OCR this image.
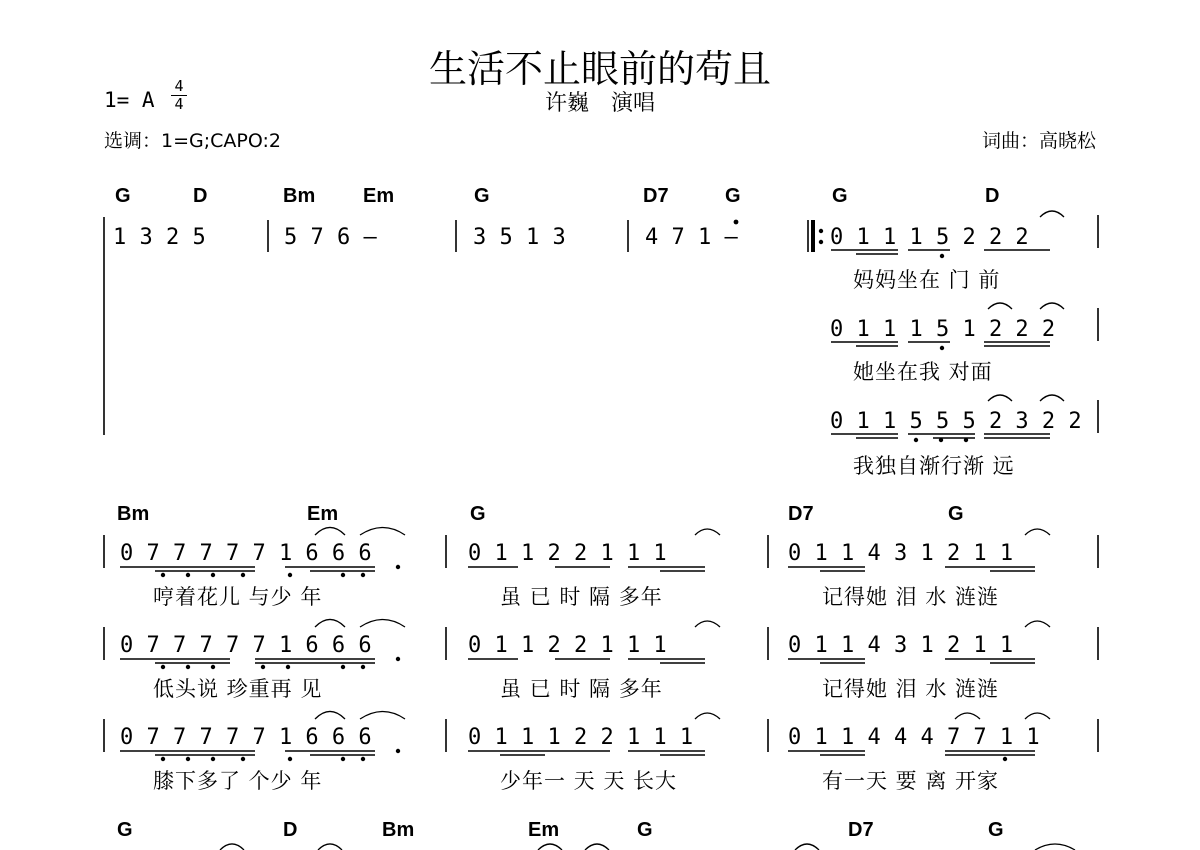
生活不止眼前的苟且
许巍　演唱
1= A
4
4
选调：1=G;CAPO:2	词曲：高晓松
G	D	Bm Em	G	D7	G	G	D
1 3 2 5	5 7 6 —	3 5 1 3	4 7 1 —	0 1 1 1 5 2 2 2
妈妈坐在 门 前
0 1 1 1 5 1 2 2 2
她坐在我 对面
0 1 1 5 5 5 2 3 2 2
我独自渐行渐 远
Bm	Em	G	D7	G
0 7 7 7 7 7 1 6 6 6	0 1 1 2 2 1 1 1	0 1 1 4 3 1 2 1 1
哼着花儿 与少 年	虽 已 时 隔 多年	记得她 泪 水 涟涟
0 7 7 7 7 7 1 6 6 6	0 1 1 2 2 1 1 1	0 1 1 4 3 1 2 1 1
低头说 珍重再 见	虽 已 时 隔 多年	记得她 泪 水 涟涟
0 7 7 7 7 7 1 6 6 6	0 1 1 1 2 2 1 1 1	0 1 1 4 4 4 7 7 1 1
膝下多了 个少 年	少年一 天 天 长大	有一天 要 离 开家
G	D	Bm	Em	G	D7	G
